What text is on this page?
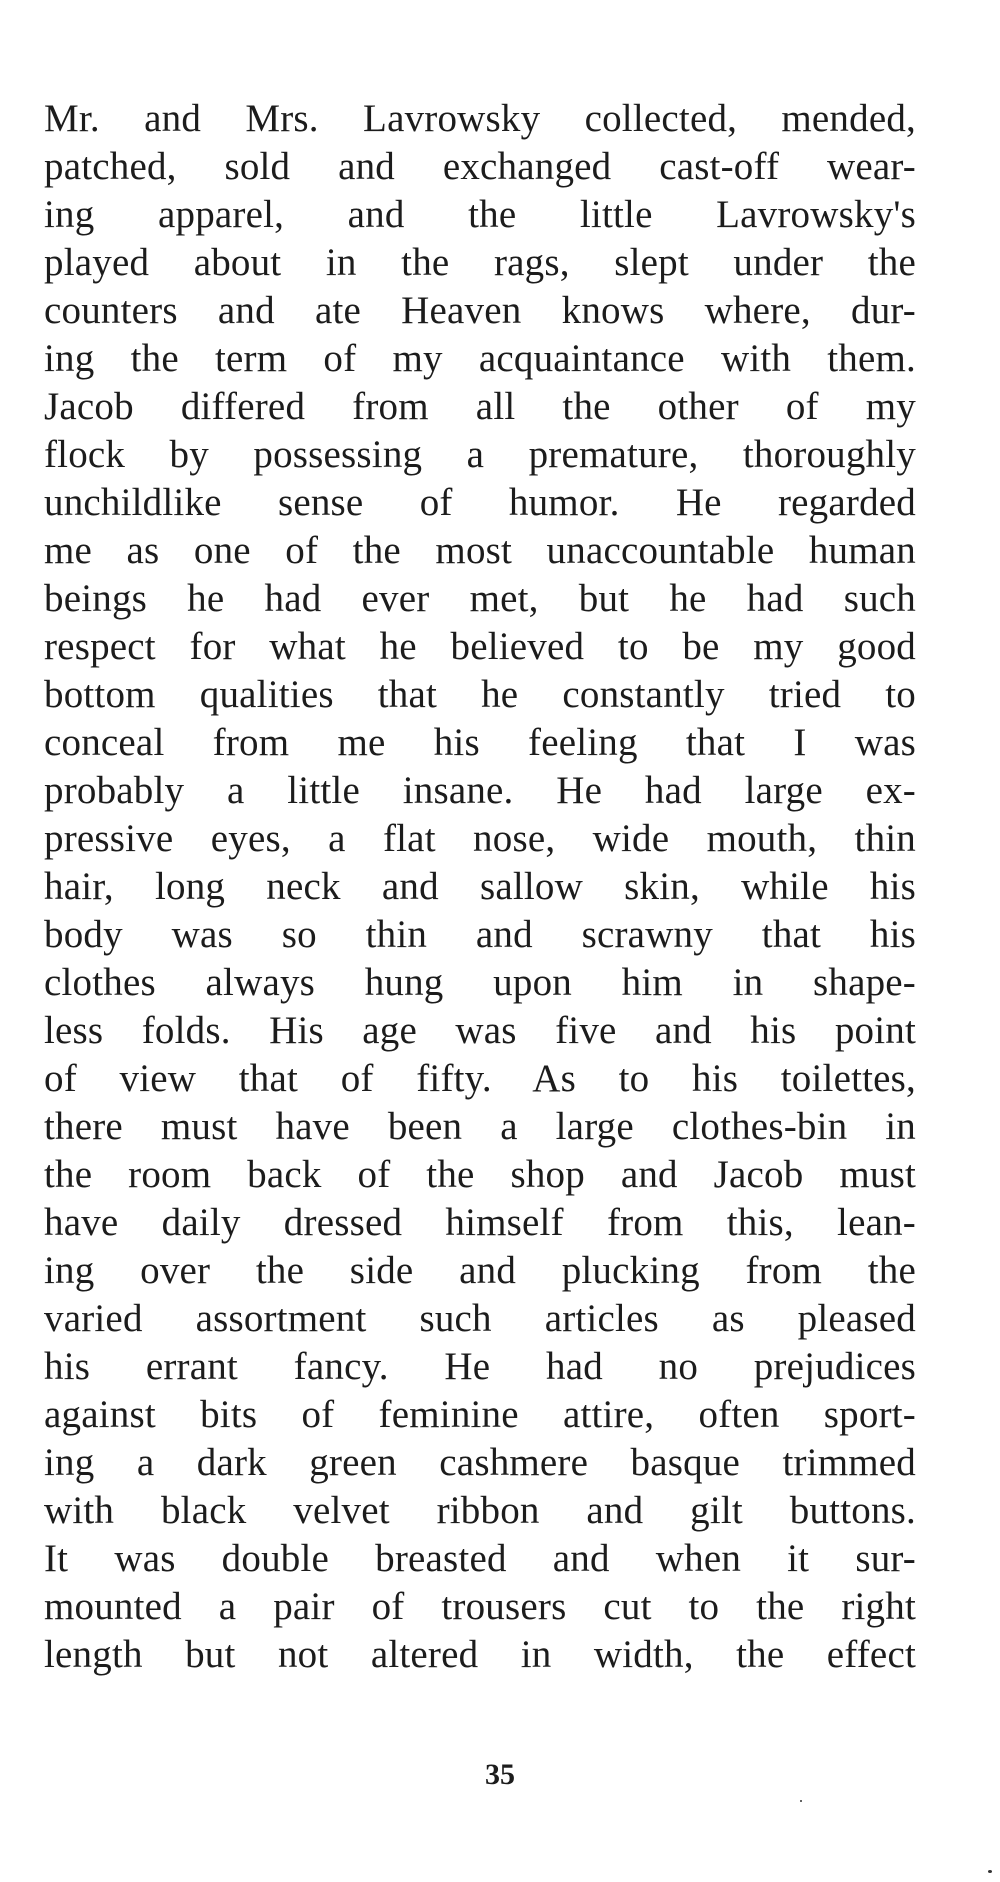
Mr. and Mrs. Lavrowsky collected, mended,
patched, sold and exchanged cast-off wear-
ing apparel, and the little Lavrowsky's
played about in the rags, slept under the
counters and ate Heaven knows where, dur-
ing the term of my acquaintance with them.
Jacob differed from all the other of my
flock by possessing a premature, thoroughly
unchildlike sense of humor. He regarded
me as one of the most unaccountable human
beings he had ever met, but he had such
respect for what he believed to be my good
bottom qualities that he constantly tried to
conceal from me his feeling that I was
probably a little insane. He had large ex-
pressive eyes, a flat nose, wide mouth, thin
hair, long neck and sallow skin, while his
body was so thin and scrawny that his
clothes always hung upon him in shape-
less folds. His age was five and his point
of view that of fifty. As to his toilettes,
there must have been a large clothes-bin in
the room back of the shop and Jacob must
have daily dressed himself from this, lean-
ing over the side and plucking from the
varied assortment such articles as pleased
his errant fancy. He had no prejudices
against bits of feminine attire, often sport-
ing a dark green cashmere basque trimmed
with black velvet ribbon and gilt buttons.
It was double breasted and when it sur-
mounted a pair of trousers cut to the right
length but not altered in width, the effect
35
